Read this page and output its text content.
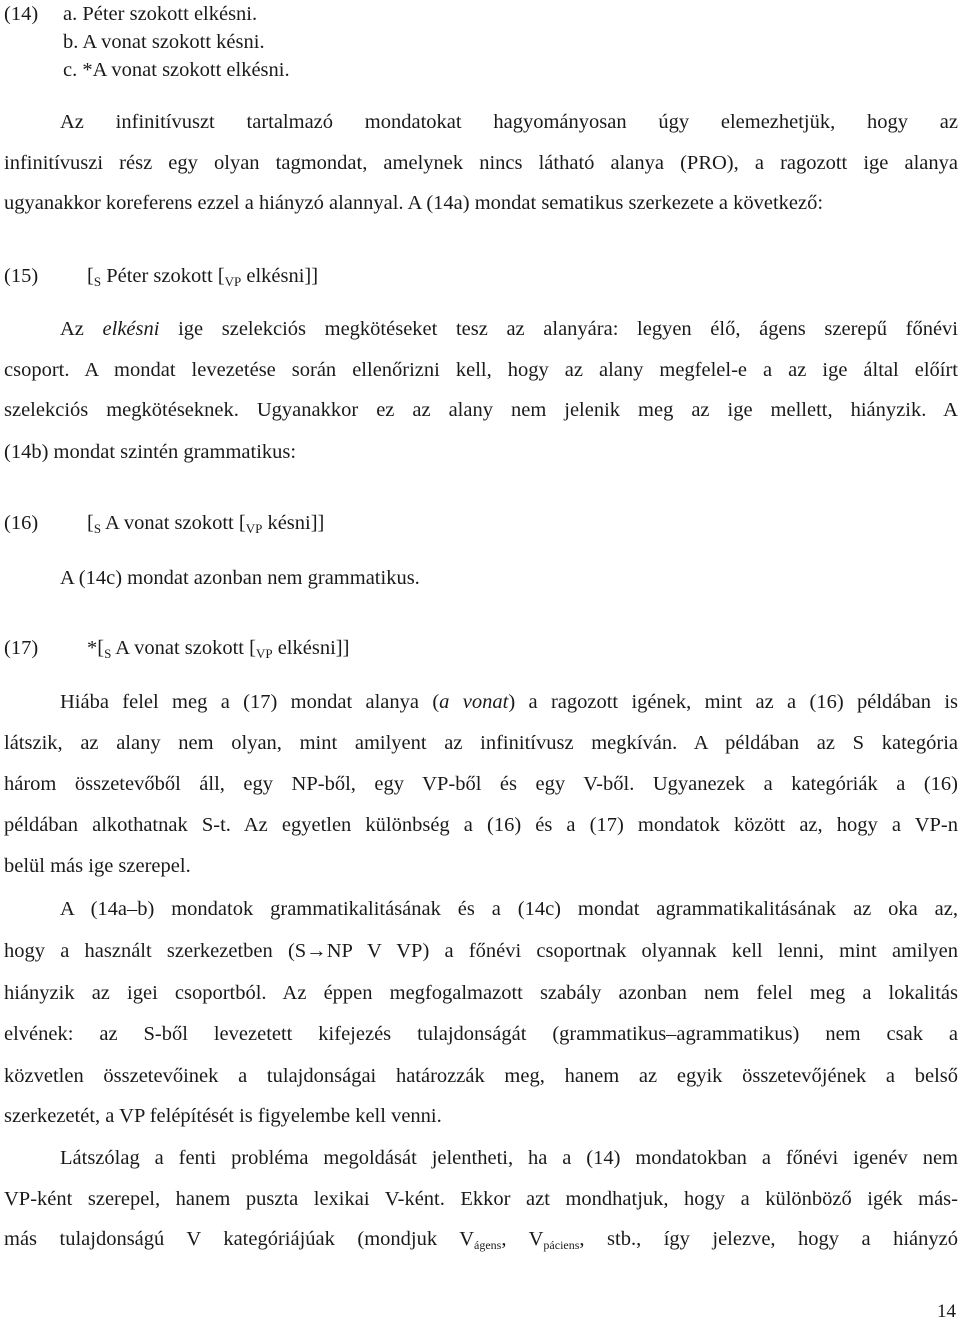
(14) a. Péter szokott elkésni.
b. A vonat szokott késni.
c. *A vonat szokott elkésni.
Az infinitívuszt tartalmazó mondatokat hagyományosan úgy elemezhetjük, hogy az
infinitívuszi rész egy olyan tagmondat, amelynek nincs látható alanya (PRO), a ragozott ige alanya
ugyanakkor koreferens ezzel a hiányzó alannyal. A (14a) mondat sematikus szerkezete a következő:
(15) [$_S$ Péter szokott [$_{VP}$ elkésni]]
Az elkésni ige szelekciós megkötéseket tesz az alanyára: legyen élő, ágens szerepű főnévi
csoport. A mondat levezetése során ellenőrizni kell, hogy az alany megfelel-e a az ige által előírt
szelekciós megkötéseknek. Ugyanakkor ez az alany nem jelenik meg az ige mellett, hiányzik. A
(14b) mondat szintén grammatikus:
(16) [$_S$ A vonat szokott [$_{VP}$ késni]]
A (14c) mondat azonban nem grammatikus.
(17) $*[_S$ A vonat szokott [$_{VP}$ elkésni]]
Hiába felel meg a (17) mondat alanya (a vonat) a ragozott igének, mint az a (16) példában is
látszik, az alany nem olyan, mint amilyent az infinitívusz megkíván. A példában az S kategória
három összetevőből áll, egy NP-ből, egy VP-ből és egy V-ből. Ugyanezek a kategóriák a (16)
példában alkothatnak S-t. Az egyetlen különbség a (16) és a (17) mondatok között az, hogy a VP-n
belül más ige szerepel.
A (14a–b) mondatok grammatikalitásának és a (14c) mondat agrammatikalitásának az oka az,
hogy a használt szerkezetben (S→NP V VP) a főnévi csoportnak olyannak kell lenni, mint amilyen
hiányzik az igei csoportból. Az éppen megfogalmazott szabály azonban nem felel meg a lokalitás
elvének: az S-ből levezetett kifejezés tulajdonságát (grammatikus–agrammatikus) nem csak a
közvetlen összetevőinek a tulajdonságai határozzák meg, hanem az egyik összetevőjének a belső
szerkezetét, a VP felépítését is figyelembe kell venni.
Látszólag a fenti probléma megoldását jelentheti, ha a (14) mondatokban a főnévi igenév nem
VP-ként szerepel, hanem puszta lexikai V-ként. Ekkor azt mondhatjuk, hogy a különböző igék más-
más tulajdonságú V kategóriájúak (mondjuk Vágens, Vpáciens, stb., így jelezve, hogy a hiányzó
14
